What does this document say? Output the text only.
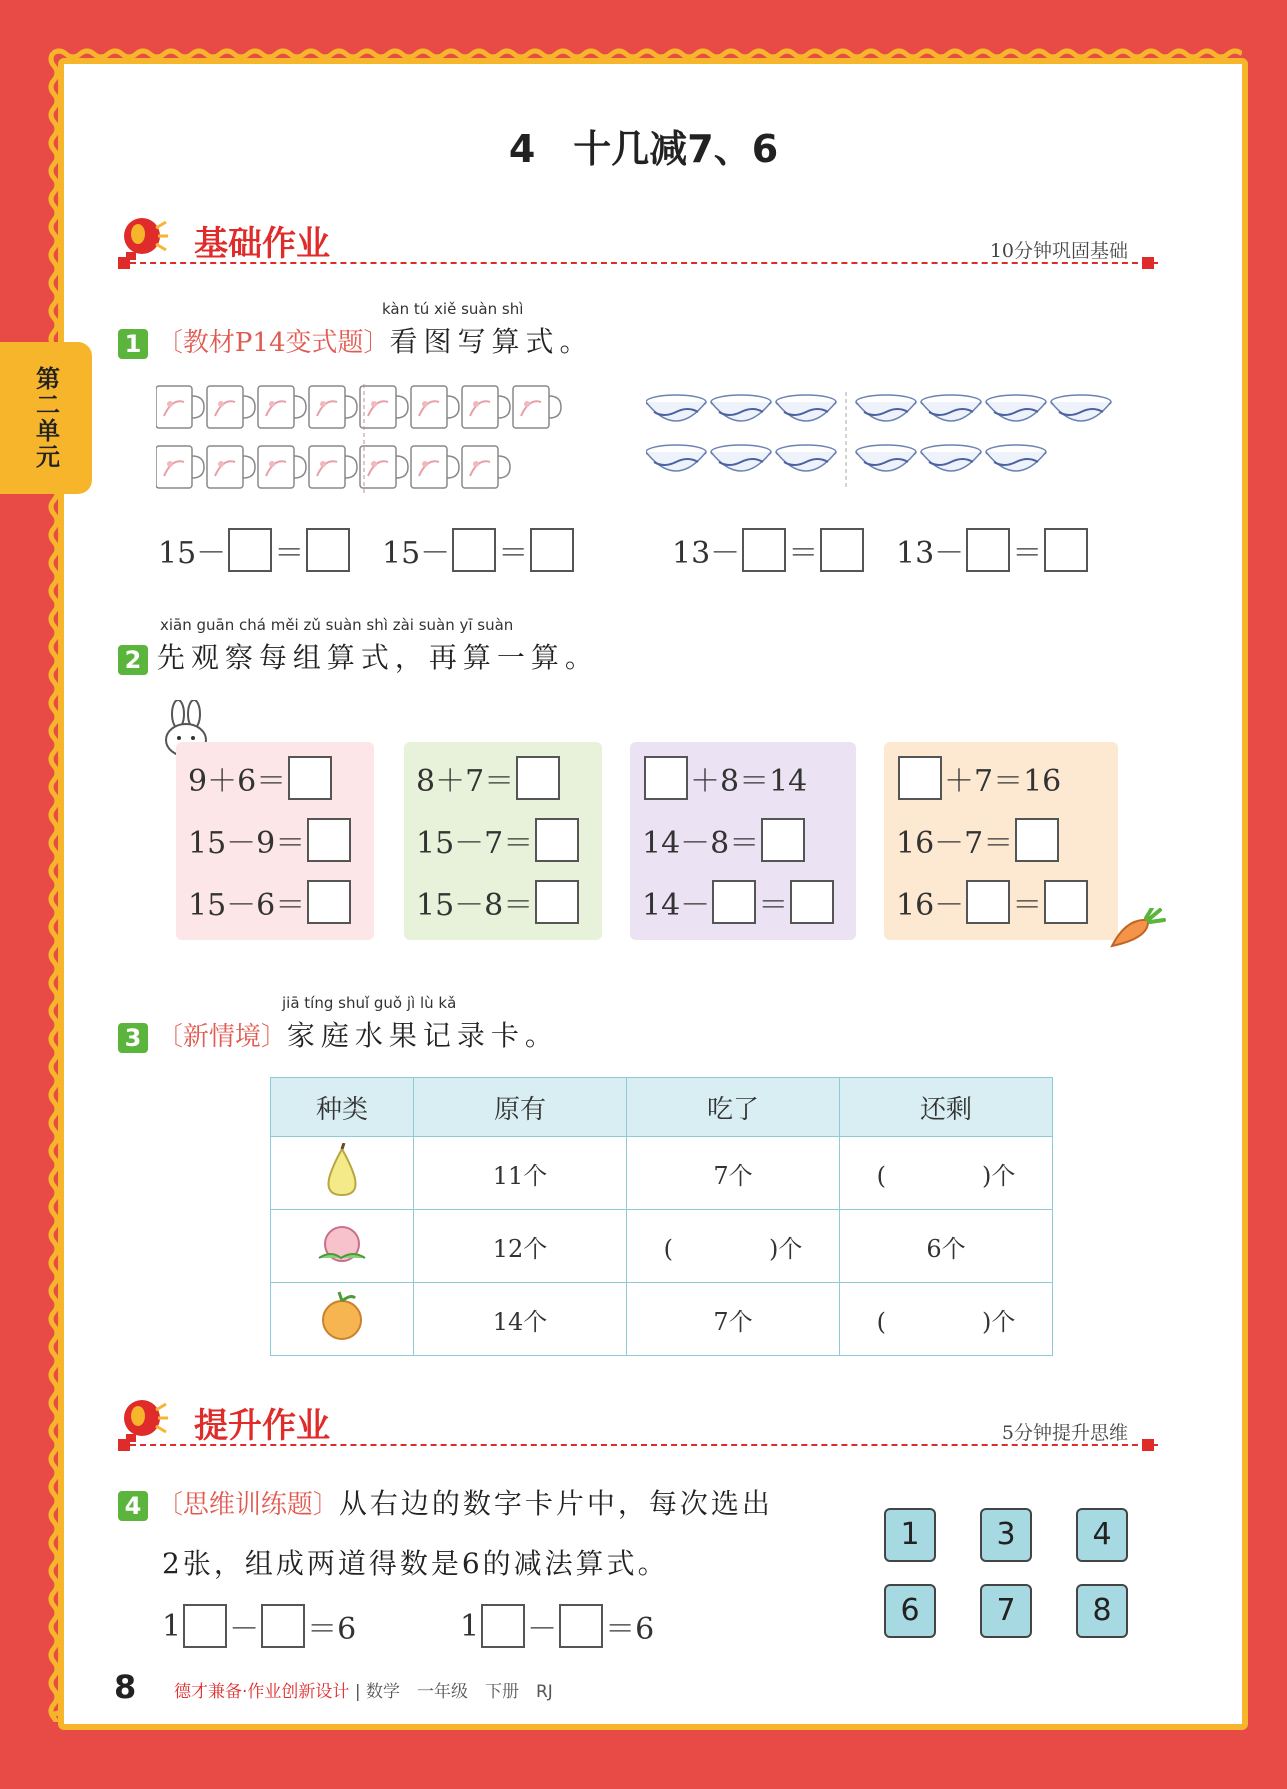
第二单元
4　十几减7、6
基础作业	10分钟巩固基础
kàn tú xiě suàn shì
1 〔教材P14变式题〕看图写算式。
15－ ＝	15－ ＝	13－ ＝	13－ ＝
xiān guān chá měi zǔ suàn shì zài suàn yī suàn
2 先观察每组算式，再算一算。
9＋6＝
15－9＝
15－6＝
8＋7＝
15－7＝
15－8＝
＋8＝14
14－8＝
14－ ＝
＋7＝16
16－7＝
16－ ＝
jiā tíng shuǐ guǒ jì lù kǎ
3 〔新情境〕家庭水果记录卡。
种类	原有	吃了	还剩
	11个	7个	(　　　　)个
	12个	(　　　　)个	6个
	14个	7个	(　　　　)个
提升作业	5分钟提升思维
4 〔思维训练题〕从右边的数字卡片中，每次选出
2张，组成两道得数是6的减法算式。
1 － ＝6	1 － ＝6
1	3	4
6	7	8
8 德才兼备·作业创新设计 | 数学　一年级　下册　RJ
